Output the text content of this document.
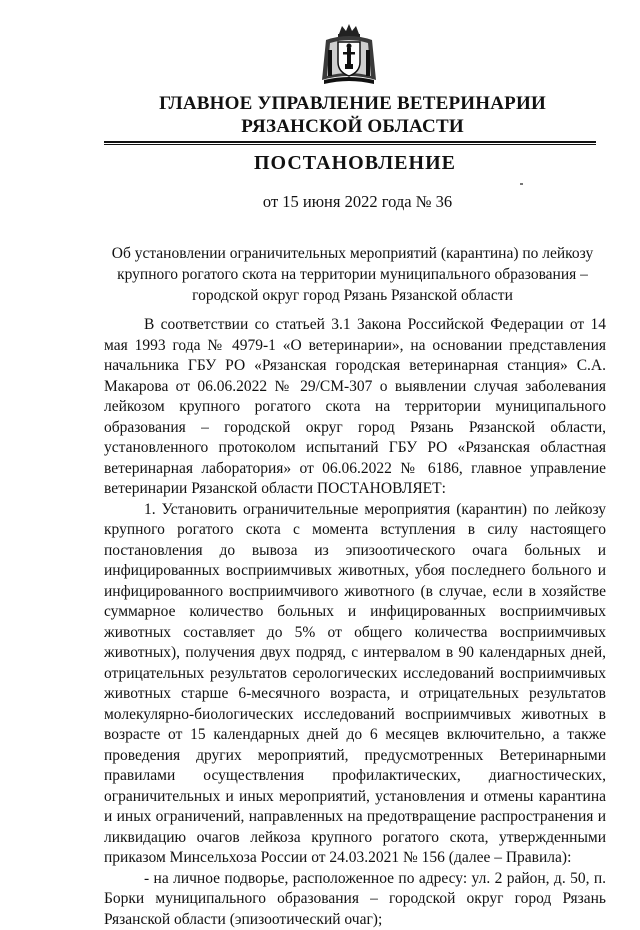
ГЛАВНОЕ УПРАВЛЕНИЕ ВЕТЕРИНАРИИ
РЯЗАНСКОЙ ОБЛАСТИ
ПОСТАНОВЛЕНИЕ
от 15 июня 2022 года № 36
Об установлении ограничительных мероприятий (карантина) по лейкозу крупного рогатого скота на территории муниципального образования – городской округ город Рязань Рязанской области

В соответствии со статьей 3.1 Закона Российской Федерации от 14 мая 1993 года № 4979-1 «О ветеринарии», на основании представления начальника ГБУ РО «Рязанская городская ветеринарная станция» С.А. Макарова от 06.06.2022 № 29/СМ-307 о выявлении случая заболевания лейкозом крупного рогатого скота на территории муниципального образования – городской округ город Рязань Рязанской области, установленного протоколом испытаний ГБУ РО «Рязанская областная ветеринарная лаборатория» от 06.06.2022 № 6186, главное управление ветеринарии Рязанской области ПОСТАНОВЛЯЕТ:

1. Установить ограничительные мероприятия (карантин) по лейкозу крупного рогатого скота с момента вступления в силу настоящего постановления до вывоза из эпизоотического очага больных и инфицированных восприимчивых животных, убоя последнего больного и инфицированного восприимчивого животного (в случае, если в хозяйстве суммарное количество больных и инфицированных восприимчивых животных составляет до 5% от общего количества восприимчивых животных), получения двух подряд, с интервалом в 90 календарных дней, отрицательных результатов серологических исследований восприимчивых животных старше 6-месячного возраста, и отрицательных результатов молекулярно-биологических исследований восприимчивых животных в возрасте от 15 календарных дней до 6 месяцев включительно, а также проведения других мероприятий, предусмотренных Ветеринарными правилами осуществления профилактических, диагностических, ограничительных и иных мероприятий, установления и отмены карантина и иных ограничений, направленных на предотвращение распространения и ликвидацию очагов лейкоза крупного рогатого скота, утвержденными приказом Минсельхоза России от 24.03.2021 № 156 (далее – Правила):

- на личное подворье, расположенное по адресу: ул. 2 район, д. 50, п. Борки муниципального образования – городской округ город Рязань Рязанской области (эпизоотический очаг);
